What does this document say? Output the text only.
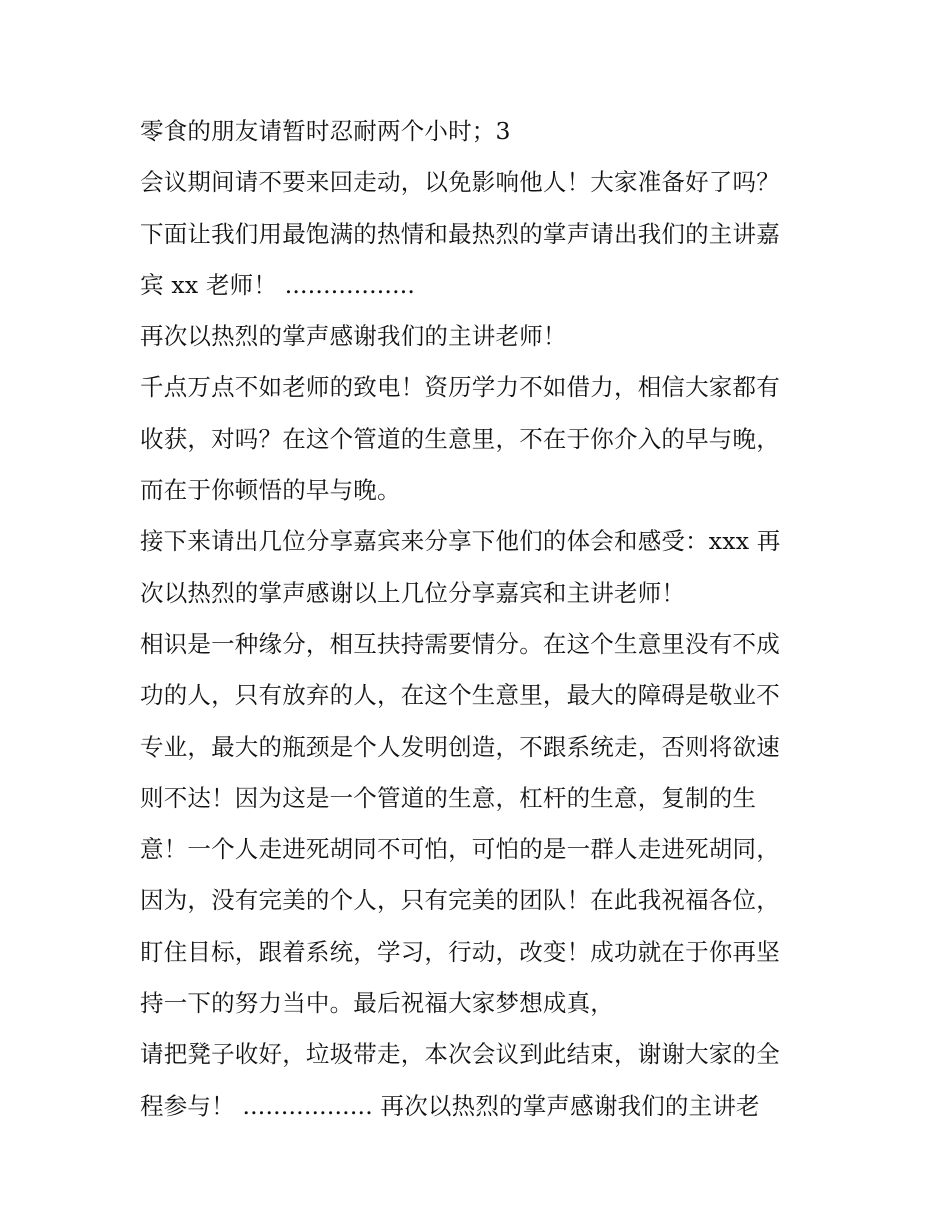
零食的朋友请暂时忍耐两个小时；3
会议期间请不要来回走动，以免影响他人！大家准备好了吗？
下面让我们用最饱满的热情和最热烈的掌声请出我们的主讲嘉
宾 xx 老师！ .................
再次以热烈的掌声感谢我们的主讲老师！
千点万点不如老师的致电！资历学力不如借力，相信大家都有
收获，对吗？在这个管道的生意里，不在于你介入的早与晚，
而在于你顿悟的早与晚。
接下来请出几位分享嘉宾来分享下他们的体会和感受：xxx 再
次以热烈的掌声感谢以上几位分享嘉宾和主讲老师！
相识是一种缘分，相互扶持需要情分。在这个生意里没有不成
功的人，只有放弃的人，在这个生意里，最大的障碍是敬业不
专业，最大的瓶颈是个人发明创造，不跟系统走，否则将欲速
则不达！因为这是一个管道的生意，杠杆的生意，复制的生
意！一个人走进死胡同不可怕，可怕的是一群人走进死胡同，
因为，没有完美的个人，只有完美的团队！在此我祝福各位，
盯住目标，跟着系统，学习，行动，改变！成功就在于你再坚
持一下的努力当中。最后祝福大家梦想成真，
请把凳子收好，垃圾带走，本次会议到此结束，谢谢大家的全
程参与！ ................. 再次以热烈的掌声感谢我们的主讲老
